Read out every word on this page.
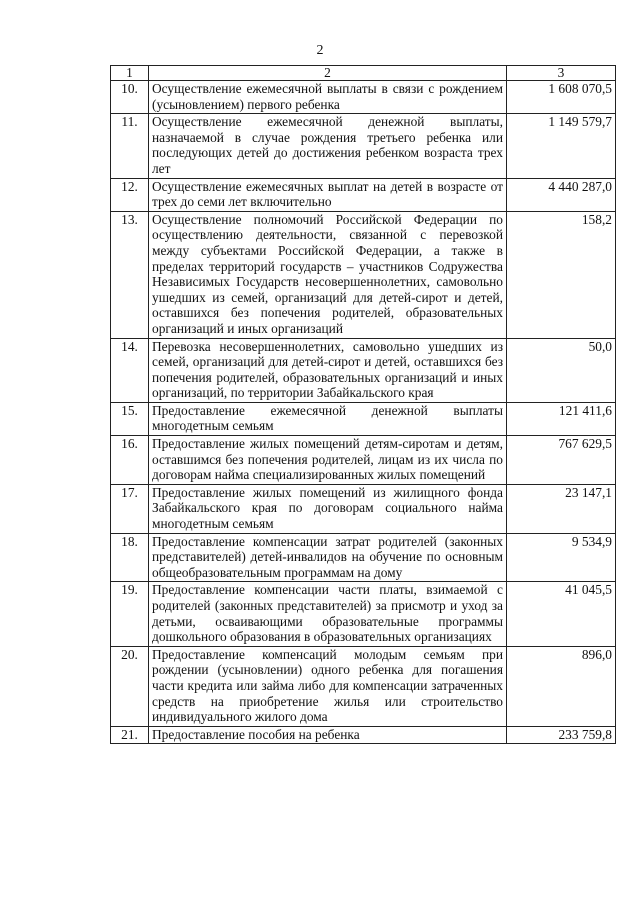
2
1	2	3
10.	Осуществление ежемесячной выплаты в связи с рождением (усыновлением) первого ребенка	1 608 070,5
11.	Осуществление ежемесячной денежной выплаты, назначаемой в случае рождения третьего ребенка или последующих детей до достижения ребенком возраста трех лет	1 149 579,7
12.	Осуществление ежемесячных выплат на детей в возрасте от трех до семи лет включительно	4 440 287,0
13.	Осуществление полномочий Российской Федерации по осуществлению деятельности, связанной с перевозкой между субъектами Российской Федерации, а также в пределах территорий государств – участников Содружества Независимых Государств несовершеннолетних, самовольно ушедших из семей, организаций для детей-сирот и детей, оставшихся без попечения родителей, образовательных организаций и иных организаций	158,2
14.	Перевозка несовершеннолетних, самовольно ушедших из семей, организаций для детей-сирот и детей, оставшихся без попечения родителей, образовательных организаций и иных организаций, по территории Забайкальского края	50,0
15.	Предоставление ежемесячной денежной выплаты многодетным семьям	121 411,6
16.	Предоставление жилых помещений детям-сиротам и детям, оставшимся без попечения родителей, лицам из их числа по договорам найма специализированных жилых помещений	767 629,5
17.	Предоставление жилых помещений из жилищного фонда Забайкальского края по договорам социального найма многодетным семьям	23 147,1
18.	Предоставление компенсации затрат родителей (законных представителей) детей-инвалидов на обучение по основным общеобразовательным программам на дому	9 534,9
19.	Предоставление компенсации части платы, взимаемой с родителей (законных представителей) за присмотр и уход за детьми, осваивающими образовательные программы дошкольного образования в образовательных организациях	41 045,5
20.	Предоставление компенсаций молодым семьям при рождении (усыновлении) одного ребенка для погашения части кредита или займа либо для компенсации затраченных средств на приобретение жилья или строительство индивидуального жилого дома	896,0
21.	Предоставление пособия на ребенка	233 759,8
